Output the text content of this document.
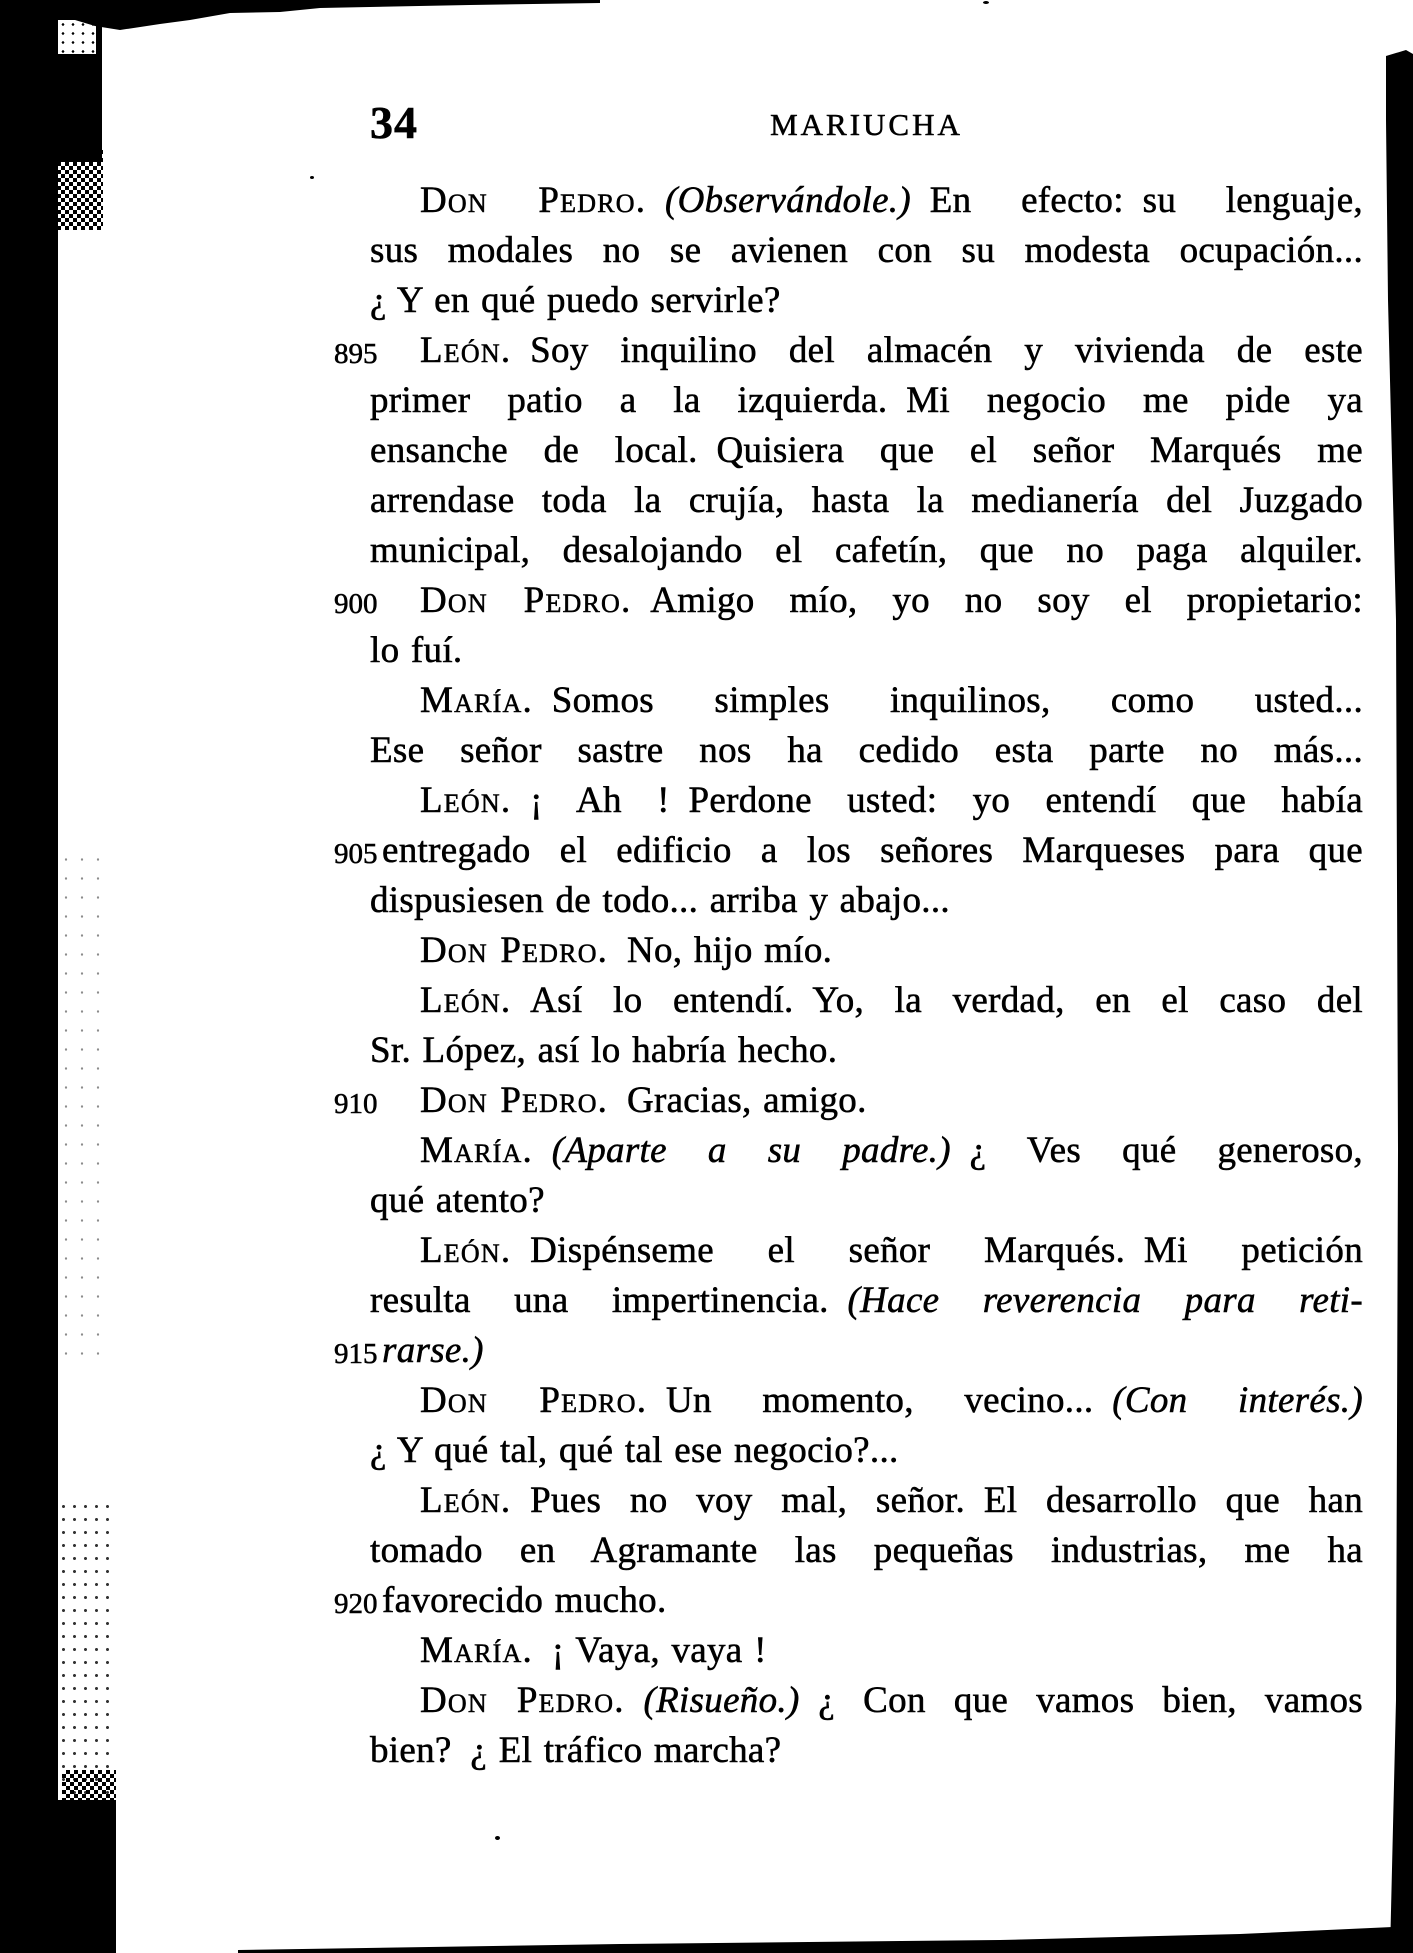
34	MARIUCHA
Don Pedro.  (Observándole.) En efecto: su lenguaje,
sus modales no se avienen con su modesta ocupación...
¿ Y en qué puedo servirle?
895 León. Soy inquilino del almacén y vivienda de este
primer patio a la izquierda. Mi negocio me pide ya
ensanche de local. Quisiera que el señor Marqués me
arrendase toda la crujía, hasta la medianería del Juzgado
municipal, desalojando el cafetín, que no paga alquiler.
900 Don Pedro. Amigo mío, yo no soy el propietario:
lo fuí.
María. Somos simples inquilinos, como usted...
Ese señor sastre nos ha cedido esta parte no más...
León. ¡ Ah ! Perdone usted: yo entendí que había
905 entregado el edificio a los señores Marqueses para que
dispusiesen de todo... arriba y abajo...
Don Pedro. No, hijo mío.
León. Así lo entendí. Yo, la verdad, en el caso del
Sr. López, así lo habría hecho.
910 Don Pedro. Gracias, amigo.
María.  (Aparte a su padre.) ¿ Ves qué generoso,
qué atento?
León. Dispénseme el señor Marqués. Mi petición
resulta una impertinencia. (Hace reverencia para reti-
915 rarse.)
Don Pedro. Un momento, vecino... (Con interés.)
¿ Y qué tal, qué tal ese negocio?...
León. Pues no voy mal, señor. El desarrollo que han
tomado en Agramante las pequeñas industrias, me ha
920 favorecido mucho.
María. ¡ Vaya, vaya !
Don Pedro.  (Risueño.) ¿ Con que vamos bien, vamos
bien? ¿ El tráfico marcha?
